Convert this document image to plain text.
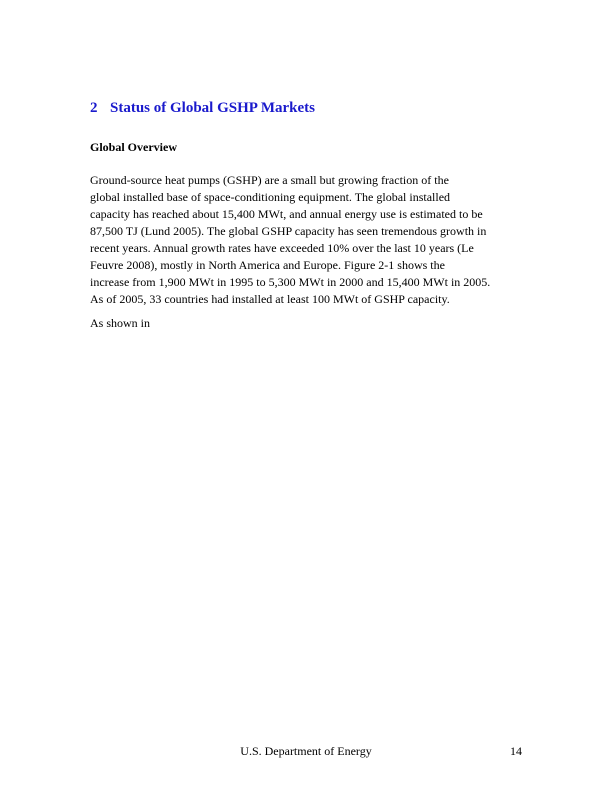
2 Status of Global GSHP Markets
Global Overview
Ground-source heat pumps (GSHP) are a small but growing fraction of the
global installed base of space-conditioning equipment. The global installed
capacity has reached about 15,400 MWt, and annual energy use is estimated to be
87,500 TJ (Lund 2005). The global GSHP capacity has seen tremendous growth in
recent years. Annual growth rates have exceeded 10% over the last 10 years (Le
Feuvre 2008), mostly in North America and Europe. Figure 2-1 shows the
increase from 1,900 MWt in 1995 to 5,300 MWt in 2000 and 15,400 MWt in 2005.
As of 2005, 33 countries had installed at least 100 MWt of GSHP capacity.
As shown in
U.S. Department of Energy	14
